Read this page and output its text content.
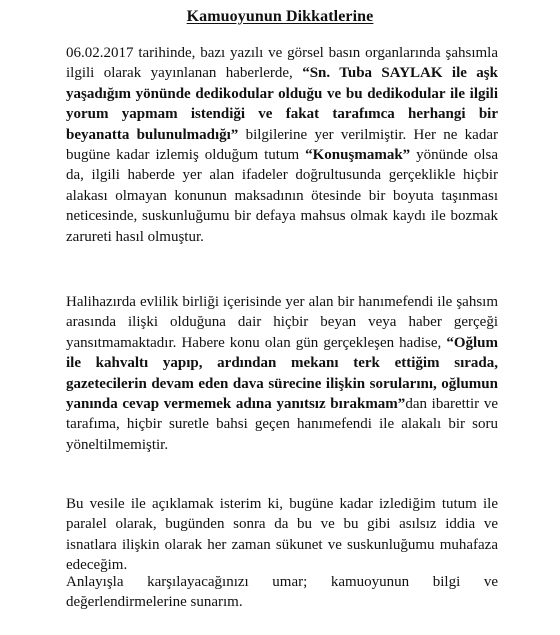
Kamuoyunun Dikkatlerine

06.02.2017 tarihinde, bazı yazılı ve görsel basın organlarında şahsımla ilgili olarak yayınlanan haberlerde, “Sn. Tuba SAYLAK ile aşk yaşadığım yönünde dedikodular olduğu ve bu dedikodular ile ilgili yorum yapmam istendiği ve fakat tarafımca herhangi bir beyanatta bulunulmadığı” bilgilerine yer verilmiştir. Her ne kadar bugüne kadar izlemiş olduğum tutum “Konuşmamak” yönünde olsa da, ilgili haberde yer alan ifadeler doğrultusunda gerçeklikle hiçbir alakası olmayan konunun maksadının ötesinde bir boyuta taşınması neticesinde, suskunluğumu bir defaya mahsus olmak kaydı ile bozmak zarureti hasıl olmuştur.

Halihazırda evlilik birliği içerisinde yer alan bir hanımefendi ile şahsım arasında ilişki olduğuna dair hiçbir beyan veya haber gerçeği yansıtmamaktadır. Habere konu olan gün gerçekleşen hadise, “Oğlum ile kahvaltı yapıp, ardından mekanı terk ettiğim sırada, gazetecilerin devam eden dava sürecine ilişkin sorularını, oğlumun yanında cevap vermemek adına yanıtsız bırakmam”dan ibarettir ve tarafıma, hiçbir suretle bahsi geçen hanımefendi ile alakalı bir soru yöneltilmemiştir.

Bu vesile ile açıklamak isterim ki, bugüne kadar izlediğim tutum ile paralel olarak, bugünden sonra da bu ve bu gibi asılsız iddia ve isnatlara ilişkin olarak her zaman sükunet ve suskunluğumu muhafaza edeceğim.

Anlayışla karşılayacağınızı umar; kamuoyunun bilgi ve değerlendirmelerine sunarım.
